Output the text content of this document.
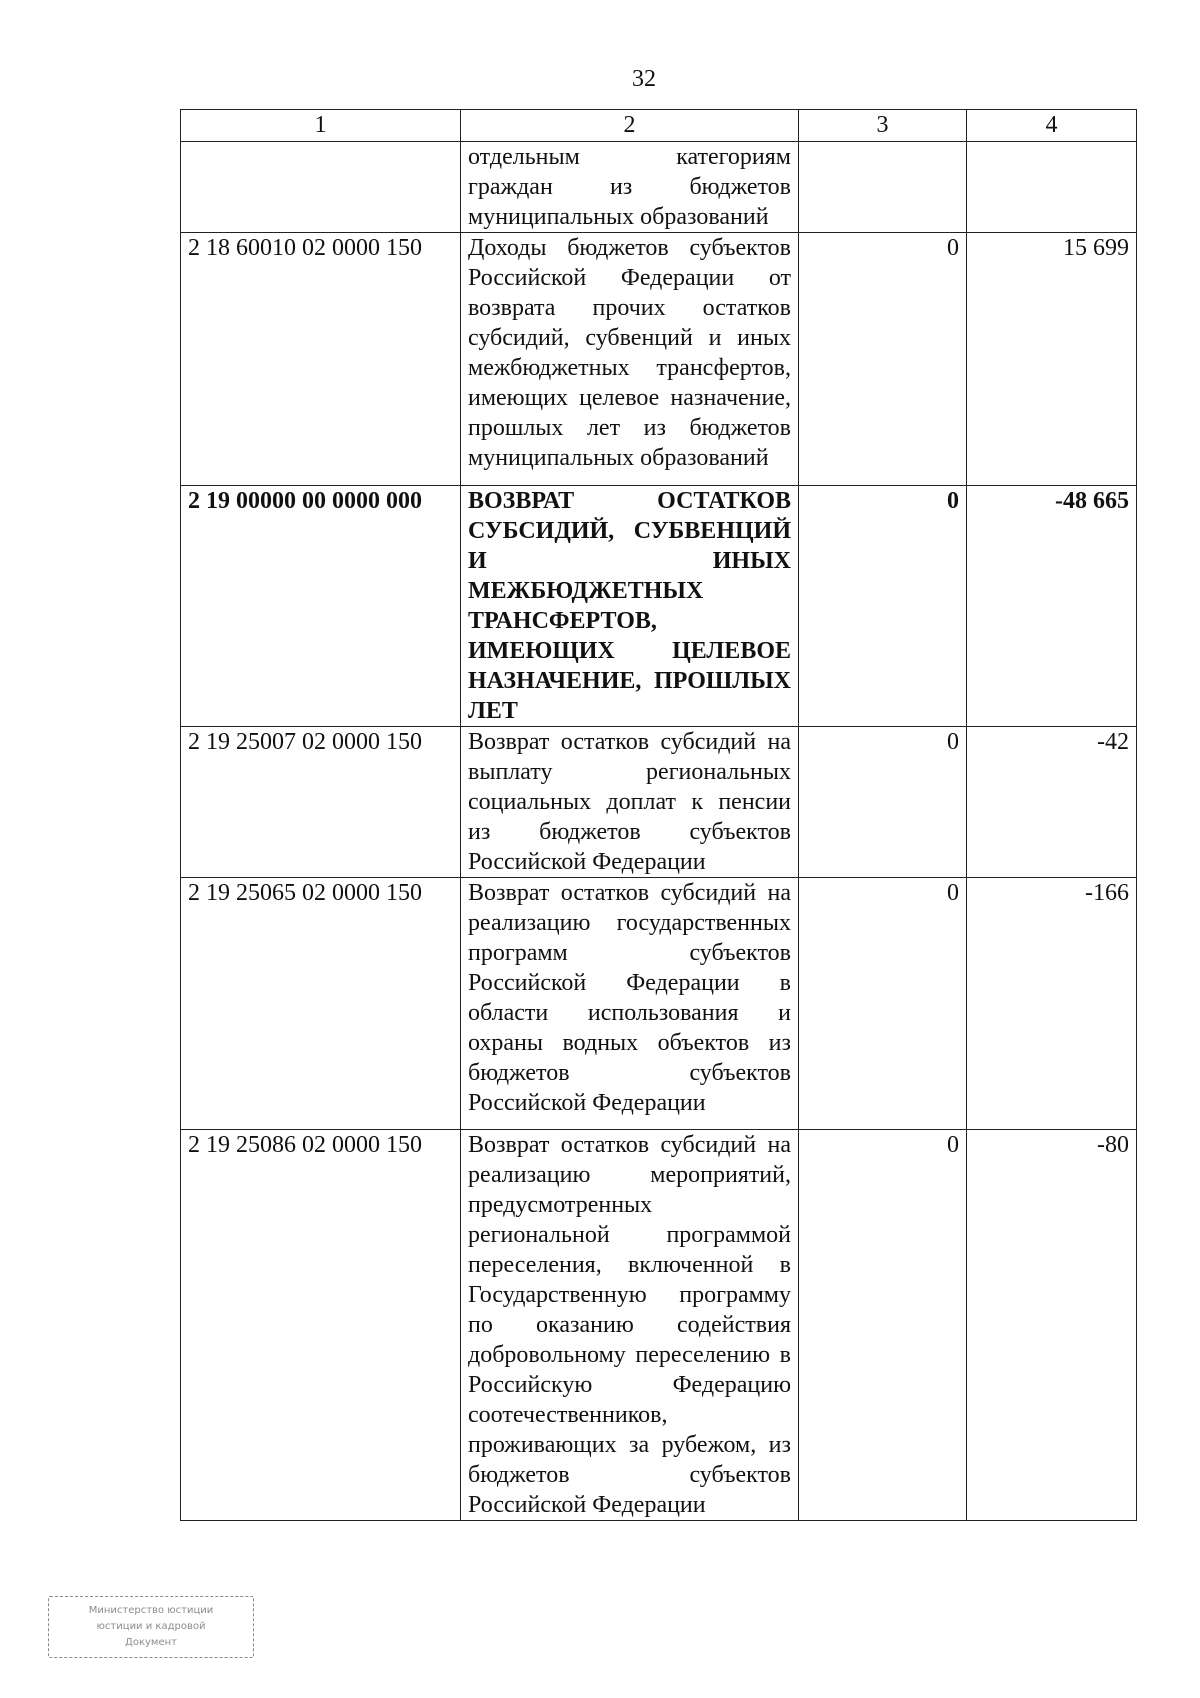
32
1	2	3	4
	отдельным категориям граждан из бюджетов муниципальных образований		
2 18 60010 02 0000 150	Доходы бюджетов субъектов Российской Федерации от возврата прочих остатков субсидий, субвенций и иных межбюджетных трансфертов, имеющих целевое назначение, прошлых лет из бюджетов муниципальных образований	0	15 699
2 19 00000 00 0000 000	ВОЗВРАТ ОСТАТКОВ СУБСИДИЙ, СУБВЕНЦИЙ И ИНЫХ МЕЖБЮДЖЕТНЫХ ТРАНСФЕРТОВ, ИМЕЮЩИХ ЦЕЛЕВОЕ НАЗНАЧЕНИЕ, ПРОШЛЫХ ЛЕТ	0	-48 665
2 19 25007 02 0000 150	Возврат остатков субсидий на выплату региональных социальных доплат к пенсии из бюджетов субъектов Российской Федерации	0	-42
2 19 25065 02 0000 150	Возврат остатков субсидий на реализацию государственных программ субъектов Российской Федерации в области использования и охраны водных объектов из бюджетов субъектов Российской Федерации	0	-166
2 19 25086 02 0000 150	Возврат остатков субсидий на реализацию мероприятий, предусмотренных региональной программой переселения, включенной в Государственную программу по оказанию содействия добровольному переселению в Российскую Федерацию соотечественников, проживающих за рубежом, из бюджетов субъектов Российской Федерации	0	-80
Министерство юстиции
юстиции и кадровой
Документ
